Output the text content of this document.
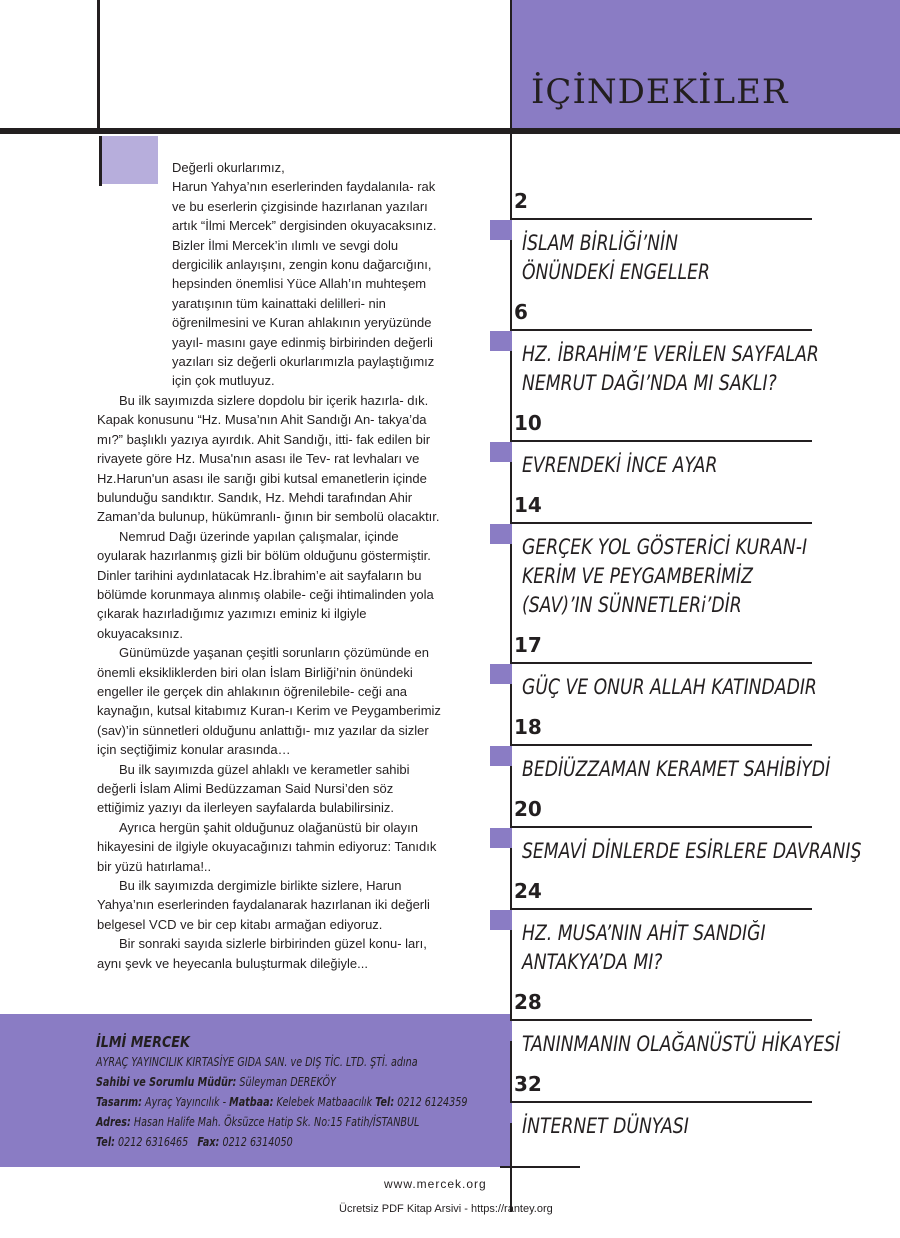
İÇİNDEKİLER

Değerli okurlarımız,

Harun Yahya’nın eserlerinden faydalanıla- rak ve bu eserlerin çizgisinde hazırlanan yazıları artık “İlmi Mercek” dergisinden okuyacaksınız. Bizler İlmi Mercek’in ılımlı ve sevgi dolu dergicilik anlayışını, zengin konu dağarcığını, hepsinden önemlisi Yüce Allah’ın muhteşem yaratışının tüm kainattaki delilleri- nin öğrenilmesini ve Kuran ahlakının yeryüzünde yayıl- masını gaye edinmiş birbirinden değerli yazıları siz değerli okurlarımızla paylaştığımız için çok mutluyuz.

Bu ilk sayımızda sizlere dopdolu bir içerik hazırla- dık. Kapak konusunu “Hz. Musa’nın Ahit Sandığı An- takya’da mı?” başlıklı yazıya ayırdık. Ahit Sandığı, itti- fak edilen bir rivayete göre Hz. Musa'nın asası ile Tev- rat levhaları ve Hz.Harun'un asası ile sarığı gibi kutsal emanetlerin içinde bulunduğu sandıktır. Sandık, Hz. Mehdi tarafından Ahir Zaman’da bulunup, hükümranlı- ğının bir sembolü olacaktır.

Nemrud Dağı üzerinde yapılan çalışmalar, içinde oyularak hazırlanmış gizli bir bölüm olduğunu göstermiştir. Dinler tarihini aydınlatacak Hz.İbrahim’e ait sayfaların bu bölümde korunmaya alınmış olabile- ceği ihtimalinden yola çıkarak hazırladığımız yazımızı eminiz ki ilgiyle okuyacaksınız.

Günümüzde yaşanan çeşitli sorunların çözümünde en önemli eksikliklerden biri olan İslam Birliği’nin önündeki engeller ile gerçek din ahlakının öğrenilebile- ceği ana kaynağın, kutsal kitabımız Kuran-ı Kerim ve Peygamberimiz (sav)’in sünnetleri olduğunu anlattığı- mız yazılar da sizler için seçtiğimiz konular arasında…

Bu ilk sayımızda güzel ahlaklı ve kerametler sahibi değerli İslam Alimi Bedüzzaman Said Nursi’den söz ettiğimiz yazıyı da ilerleyen sayfalarda bulabilirsiniz.

Ayrıca hergün şahit olduğunuz olağanüstü bir olayın hikayesini de ilgiyle okuyacağınızı tahmin ediyoruz: Tanıdık bir yüzü hatırlama!..

Bu ilk sayımızda dergimizle birlikte sizlere, Harun Yahya’nın eserlerinden faydalanarak hazırlanan iki değerli belgesel VCD ve bir cep kitabı armağan ediyoruz.

Bir sonraki sayıda sizlerle birbirinden güzel konu- ları, aynı şevk ve heyecanla buluşturmak dileğiyle...

2
İSLAM BİRLİĞİ’NİN
ÖNÜNDEKİ ENGELLER
6
HZ. İBRAHİM’E VERİLEN SAYFALAR
NEMRUT DAĞI’NDA MI SAKLI?
10
EVRENDEKİ İNCE AYAR
14
GERÇEK YOL GÖSTERİCİ KURAN-I
KERİM VE PEYGAMBERİMİZ
(SAV)’IN SÜNNETLERi’DİR
17
GÜÇ VE ONUR ALLAH KATINDADIR
18
BEDİÜZZAMAN KERAMET SAHİBİYDİ
20
SEMAVİ DİNLERDE ESİRLERE DAVRANIŞ
24
HZ. MUSA’NIN AHİT SANDIĞI
ANTAKYA’DA MI?
28
TANINMANIN OLAĞANÜSTÜ HİKAYESİ
32
İNTERNET DÜNYASI
İLMİ MERCEK
AYRAÇ YAYINCILIK KIRTASİYE GIDA SAN. ve DIŞ TİC. LTD. ŞTİ. adına
Sahibi ve Sorumlu Müdür: Süleyman DEREKÖY
Tasarım: Ayraç Yayıncılık - Matbaa: Kelebek Matbaacılık Tel: 0212 6124359
Adres: Hasan Halife Mah. Öksüzce Hatip Sk. No:15 Fatih/İSTANBUL
Tel: 0212 6316465 Fax: 0212 6314050
www.mercek.org
Ücretsiz PDF Kitap Arsivi - https://rantey.org
